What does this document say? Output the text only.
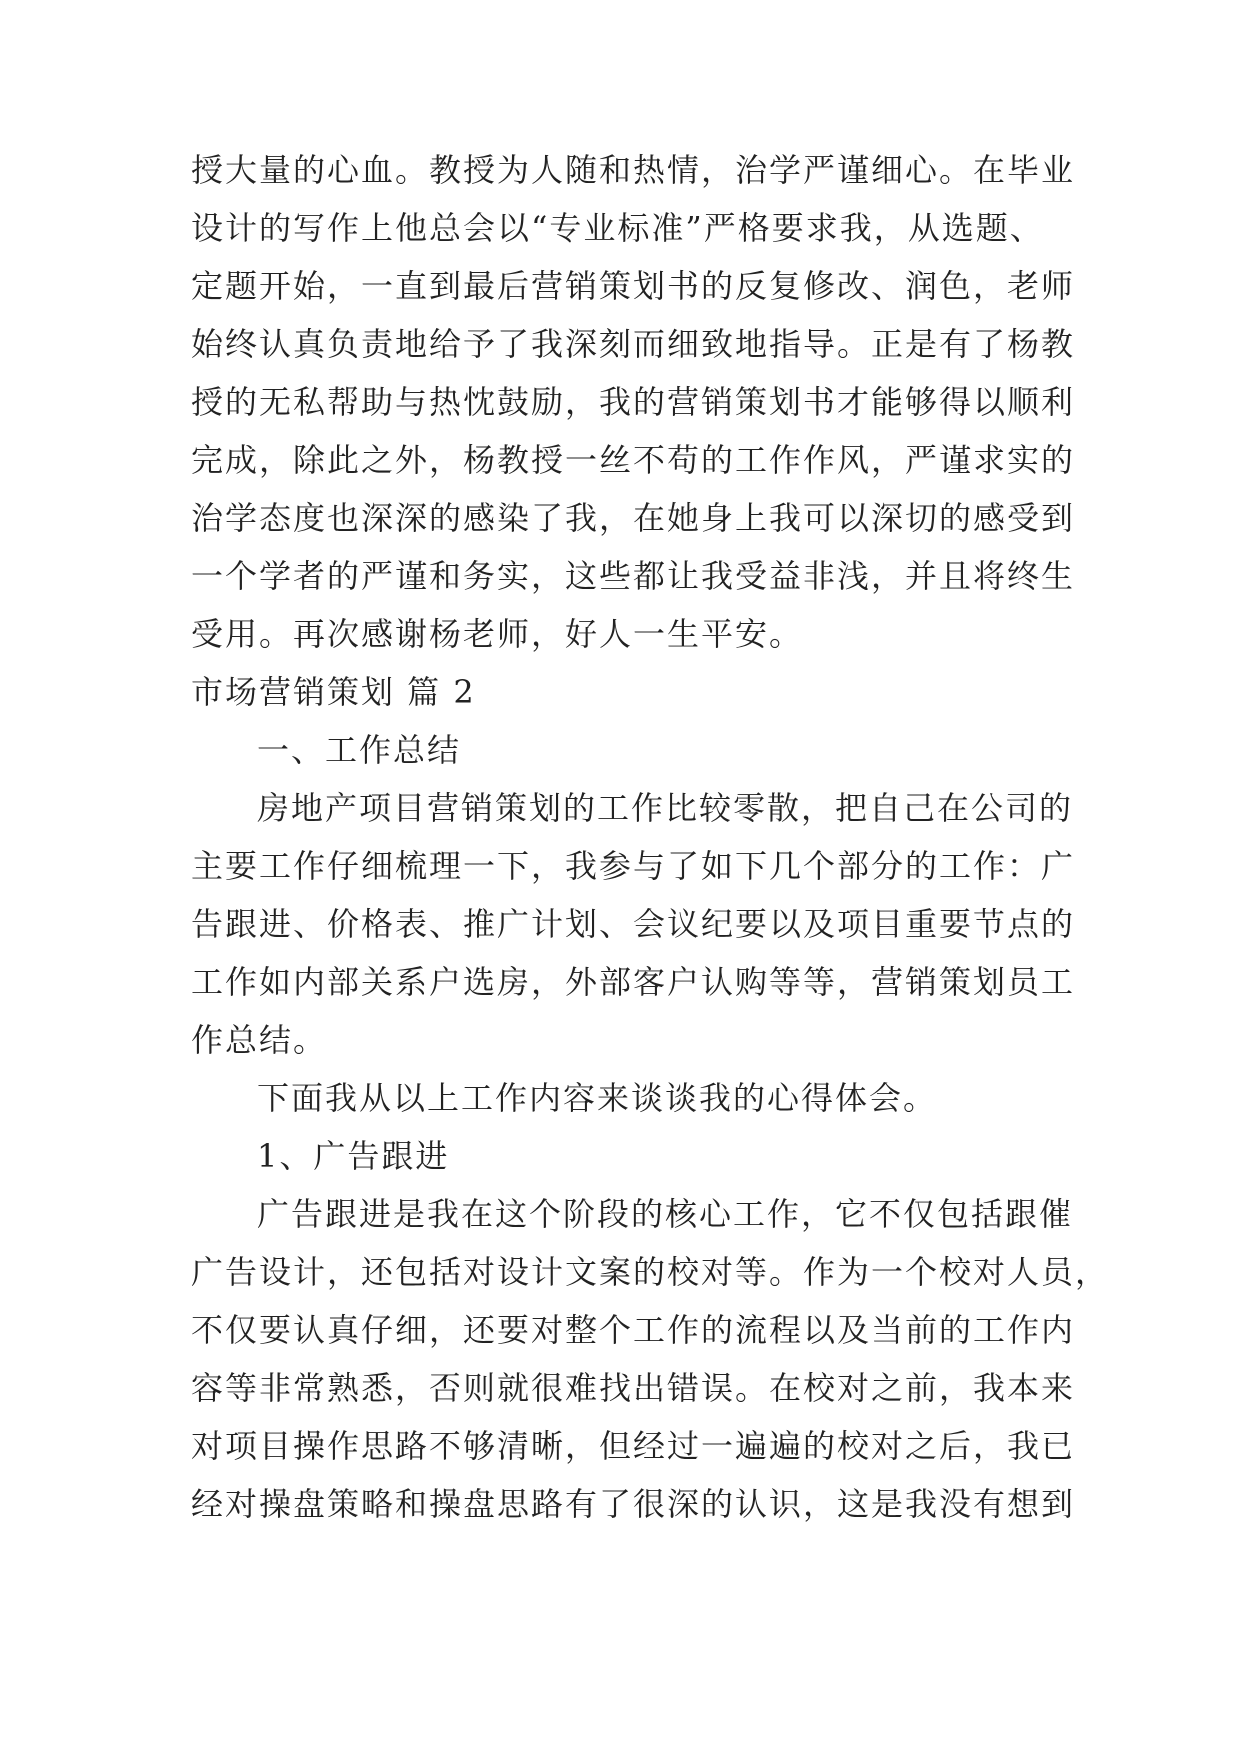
授大量的心血。教授为人随和热情，治学严谨细心。在毕业
设计的写作上他总会以“专业标准”严格要求我，从选题、
定题开始，一直到最后营销策划书的反复修改、润色，老师
始终认真负责地给予了我深刻而细致地指导。正是有了杨教
授的无私帮助与热忱鼓励，我的营销策划书才能够得以顺利
完成，除此之外，杨教授一丝不苟的工作作风，严谨求实的
治学态度也深深的感染了我，在她身上我可以深切的感受到
一个学者的严谨和务实，这些都让我受益非浅，并且将终生
受用。再次感谢杨老师，好人一生平安。
市场营销策划 篇 2
一、工作总结
房地产项目营销策划的工作比较零散，把自己在公司的
主要工作仔细梳理一下，我参与了如下几个部分的工作：广
告跟进、价格表、推广计划、会议纪要以及项目重要节点的
工作如内部关系户选房，外部客户认购等等，营销策划员工
作总结。
下面我从以上工作内容来谈谈我的心得体会。
1、广告跟进
广告跟进是我在这个阶段的核心工作，它不仅包括跟催
广告设计，还包括对设计文案的校对等。作为一个校对人员，
不仅要认真仔细，还要对整个工作的流程以及当前的工作内
容等非常熟悉，否则就很难找出错误。在校对之前，我本来
对项目操作思路不够清晰，但经过一遍遍的校对之后，我已
经对操盘策略和操盘思路有了很深的认识，这是我没有想到
